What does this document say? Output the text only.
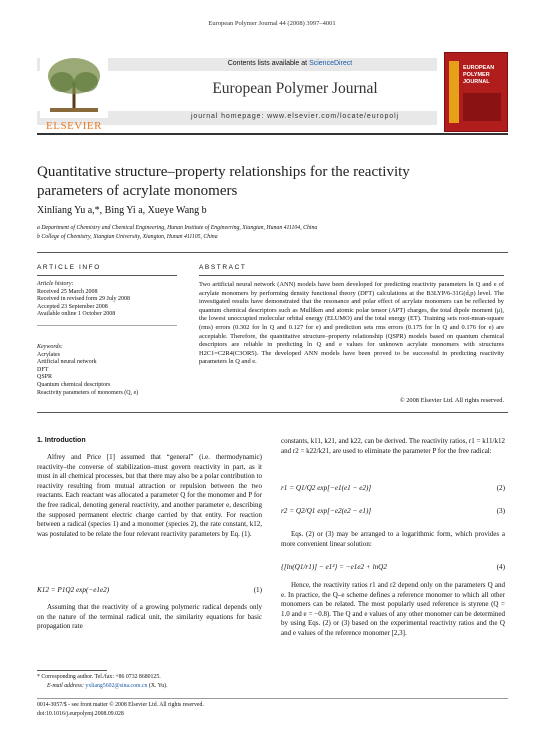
European Polymer Journal 44 (2008) 3997–4001
Contents lists available at ScienceDirect
ELSEVIER
European Polymer Journal
journal homepage: www.elsevier.com/locate/europolj
EUROPEAN POLYMER JOURNAL
Quantitative structure–property relationships for the reactivity
parameters of acrylate monomers
Xinliang Yu a,*, Bing Yi a, Xueye Wang b
a Department of Chemistry and Chemical Engineering, Hunan Institute of Engineering, Xiangtan, Hunan 411104, China
b College of Chemistry, Xiangtan University, Xiangtan, Hunan 411105, China
ARTICLE INFO	ABSTRACT
Article history:
Received 25 March 2008
Received in revised form 29 July 2008
Accepted 23 September 2008
Available online 1 October 2008
Keywords:
Acrylates
Artificial neural network
DFT
QSPR
Quantum chemical descriptors
Reactivity parameters of monomers (Q, e)
Two artificial neural network (ANN) models have been developed for predicting reactivity parameters ln Q and e of acrylate monomers by performing density functional theory (DFT) calculations at the B3LYP/6-31G(d,p) level. The investigated results have demonstrated that the resonance and polar effect of acrylate monomers can be reflected by quantum chemical descriptors such as Mulliken and atomic polar tensor (APT) charges, the total dipole moment (μ), the lowest unoccupied molecular orbital energy (ELUMO) and the total energy (ET). Training sets root-mean-square (rms) errors (0.302 for ln Q and 0.127 for e) and prediction sets rms errors (0.175 for ln Q and 0.176 for e) are acceptable. Therefore, the quantitative structure–property relationship (QSPR) models based on quantum chemical descriptors are reliable in predicting ln Q and e values for unknown acrylate monomers with structures H2C1=C2R4(C3OR5). The developed ANN models have been proved to be successful in predicting reactivity parameters ln Q and e.
© 2008 Elsevier Ltd. All rights reserved.
1. Introduction
Alfrey and Price [1] assumed that “general” (i.e. thermodynamic) reactivity–the converse of stabilization–must govern reactivity in part, as it must in all chemical processes, but that there may also be a polar contribution to reactivity resulting from mutual attraction or repulsion between the two reactants. Each reactant was allocated a parameter Q for the monomer and P for the free radical, denoting general reactivity, and another parameter e, describing the supposed permanent electric charge carried by that entity. For reaction between a radical (species 1) and a monomer (species 2), the rate constant, k12, was postulated to be relate the four relevant reactivity parameters by Eq. (1).
K12 = P1Q2 exp(−e1e2)	(1)
Assuming that the reactivity of a growing polymeric radical depends only on the nature of the terminal radical unit, the similarity equations for basic propagation rate
* Corresponding author. Tel./fax: +86 0732 8680125.
E-mail address: yxliang5602@sina.com.cn (X. Yu).
constants, k11, k21, and k22, can be derived. The reactivity ratios, r1 = k11/k12 and r2 = k22/k21, are used to eliminate the parameter P for the free radical:
r1 = Q1/Q2 exp[−e1(e1 − e2)]	(2)
r2 = Q2/Q1 exp[−e2(e2 − e1)]	(3)
Eqs. (2) or (3) may be arranged to a logarithmic form, which provides a more convenient linear solution:
{[ln(Q1/r1)] − e1²} = −e1e2 + lnQ2	(4)
Hence, the reactivity ratios r1 and r2 depend only on the parameters Q and e. In practice, the Q–e scheme defines a reference monomer to which all other monomers can be related. The most popularly used reference is styrene (Q = 1.0 and e = −0.8). The Q and e values of any other monomer can be determined by using Eqs. (2) or (3) based on the experimental reactivity ratios and the Q and e values of the reference monomer [2,3].
0014-3057/$ - see front matter © 2008 Elsevier Ltd. All rights reserved.
doi:10.1016/j.eurpolymj.2008.09.028
